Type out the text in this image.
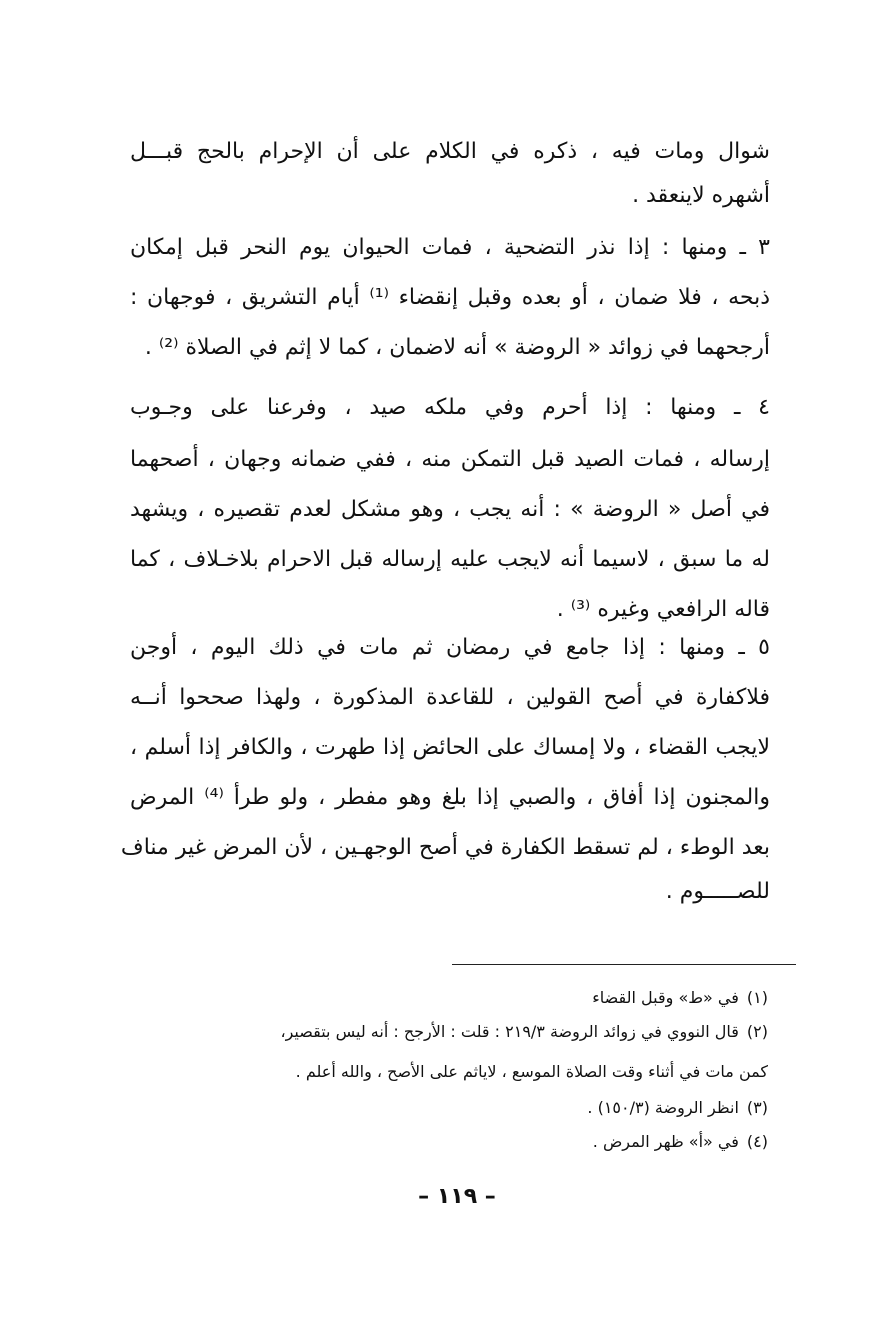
شوال ومات فيه ، ذكره في الكلام على أن الإحرام بالحج قبـــل
أشهره لاينعقد .
٣ ـ ومنها : إذا نذر التضحية ، فمات الحيوان يوم النحر قبل إمكان
ذبحه ، فلا ضمان ، أو بعده وقبل إنقضاء ⁽¹⁾ أيام التشريق ، فوجهان :
أرجحهما في زوائد « الروضة » أنه لاضمان ، كما لا إثم في الصلاة ⁽²⁾ .
٤ ـ ومنها : إذا أحرم وفي ملكه صيد ، وفرعنا على وجـوب
إرساله ، فمات الصيد قبل التمكن منه ، ففي ضمانه وجهان ، أصحهما
في أصل « الروضة » : أنه يجب ، وهو مشكل لعدم تقصيره ، ويشهد
له ما سبق ، لاسيما أنه لايجب عليه إرساله قبل الاحرام بلاخـلاف ، كما
قاله الرافعي وغيره ⁽³⁾ .
٥ ـ ومنها : إذا جامع في رمضان ثم مات في ذلك اليوم ، أوجن
فلاكفارة في أصح القولين ، للقاعدة المذكورة ، ولهذا صححوا أنــه
لايجب القضاء ، ولا إمساك على الحائض إذا طهرت ، والكافر إذا أسلم ،
والمجنون إذا أفاق ، والصبي إذا بلغ وهو مفطر ، ولو طرأ ⁽⁴⁾ المرض
بعد الوطء ، لم تسقط الكفارة في أصح الوجهـين ، لأن المرض غير مناف
للصـــــوم .
(١)في «ط» وقبل القضاء
(٢)قال النووي في زوائد الروضة ٢١٩/٣ : قلت : الأرجح : أنه ليس بتقصير،
كمن مات في أثناء وقت الصلاة الموسع ، لاياثم على الأصح ، والله أعلم .
(٣)انظر الروضة (١٥٠/٣) .
(٤)في «أ» ظهر المرض .
– ١١٩ –
